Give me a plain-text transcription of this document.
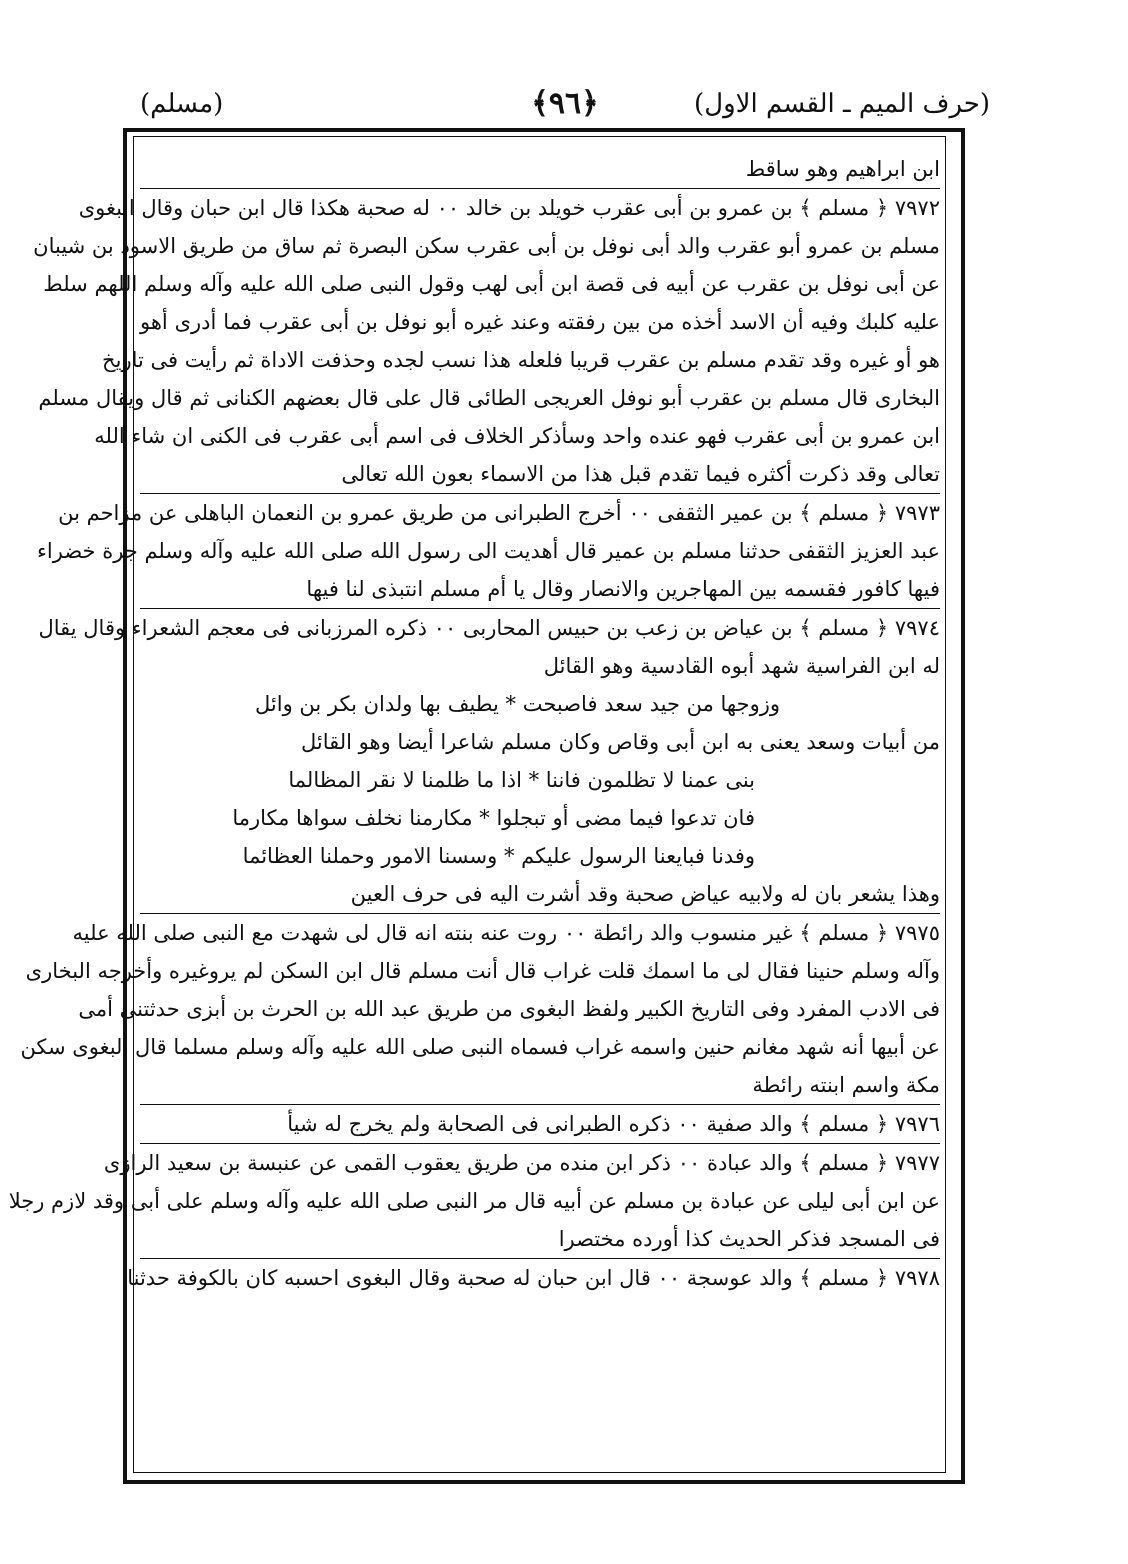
(حرف الميم ـ القسم الاول)
﴿٩٦﴾
(مسلم)
ابن ابراهيم وهو ساقط
٧٩٧٢ ﴿ مسلم ﴾ بن عمرو بن أبى عقرب خويلد بن خالد ٠٠ له صحبة هكذا قال ابن حبان وقال البغوى
مسلم بن عمرو أبو عقرب والد أبى نوفل بن أبى عقرب سكن البصرة ثم ساق من طريق الاسود بن شيبان
عن أبى نوفل بن عقرب عن أبيه فى قصة ابن أبى لهب وقول النبى صلى الله عليه وآله وسلم اللهم سلط
عليه كلبك وفيه أن الاسد أخذه من بين رفقته وعند غيره أبو نوفل بن أبى عقرب فما أدرى أهو
هو أو غيره وقد تقدم مسلم بن عقرب قريبا فلعله هذا نسب لجده وحذفت الاداة ثم رأيت فى تاريخ
البخارى قال مسلم بن عقرب أبو نوفل العريجى الطائى قال على قال بعضهم الكنانى ثم قال ويقال مسلم
ابن عمرو بن أبى عقرب فهو عنده واحد وسأذكر الخلاف فى اسم أبى عقرب فى الكنى ان شاء الله
تعالى وقد ذكرت أكثره فيما تقدم قبل هذا من الاسماء بعون الله تعالى
٧٩٧٣ ﴿ مسلم ﴾ بن عمير الثقفى ٠٠ أخرج الطبرانى من طريق عمرو بن النعمان الباهلى عن مزاحم بن
عبد العزيز الثقفى حدثنا مسلم بن عمير قال أهديت الى رسول الله صلى الله عليه وآله وسلم جرة خضراء
فيها كافور فقسمه بين المهاجرين والانصار وقال يا أم مسلم انتبذى لنا فيها
٧٩٧٤ ﴿ مسلم ﴾ بن عياض بن زعب بن حبيس المحاربى ٠٠ ذكره المرزبانى فى معجم الشعراء وقال يقال
له ابن الفراسية شهد أبوه القادسية وهو القائل
وزوجها من جيد سعد فاصبحت * يطيف بها ولدان بكر بن وائل
من أبيات وسعد يعنى به ابن أبى وقاص وكان مسلم شاعرا أيضا وهو القائل
بنى عمنا لا تظلمون فاننا * اذا ما ظلمنا لا نقر المظالما
فان تدعوا فيما مضى أو تبجلوا * مكارمنا نخلف سواها مكارما
وفدنا فبايعنا الرسول عليكم * وسسنا الامور وحملنا العظائما
وهذا يشعر بان له ولابيه عياض صحبة وقد أشرت اليه فى حرف العين
٧٩٧٥ ﴿ مسلم ﴾ غير منسوب والد رائطة ٠٠ روت عنه بنته انه قال لى شهدت مع النبى صلى الله عليه
وآله وسلم حنينا فقال لى ما اسمك قلت غراب قال أنت مسلم قال ابن السكن لم يروغيره وأخرجه البخارى
فى الادب المفرد وفى التاريخ الكبير ولفظ البغوى من طريق عبد الله بن الحرث بن أبزى حدثتنى أمى
عن أبيها أنه شهد مغانم حنين واسمه غراب فسماه النبى صلى الله عليه وآله وسلم مسلما قال البغوى سكن
مكة واسم ابنته رائطة
٧٩٧٦ ﴿ مسلم ﴾ والد صفية ٠٠ ذكره الطبرانى فى الصحابة ولم يخرج له شيأ
٧٩٧٧ ﴿ مسلم ﴾ والد عبادة ٠٠ ذكر ابن منده من طريق يعقوب القمى عن عنبسة بن سعيد الرازى
عن ابن أبى ليلى عن عبادة بن مسلم عن أبيه قال مر النبى صلى الله عليه وآله وسلم على أبى وقد لازم رجلا
فى المسجد فذكر الحديث كذا أورده مختصرا
٧٩٧٨ ﴿ مسلم ﴾ والد عوسجة ٠٠ قال ابن حبان له صحبة وقال البغوى احسبه كان بالكوفة حدثنا
